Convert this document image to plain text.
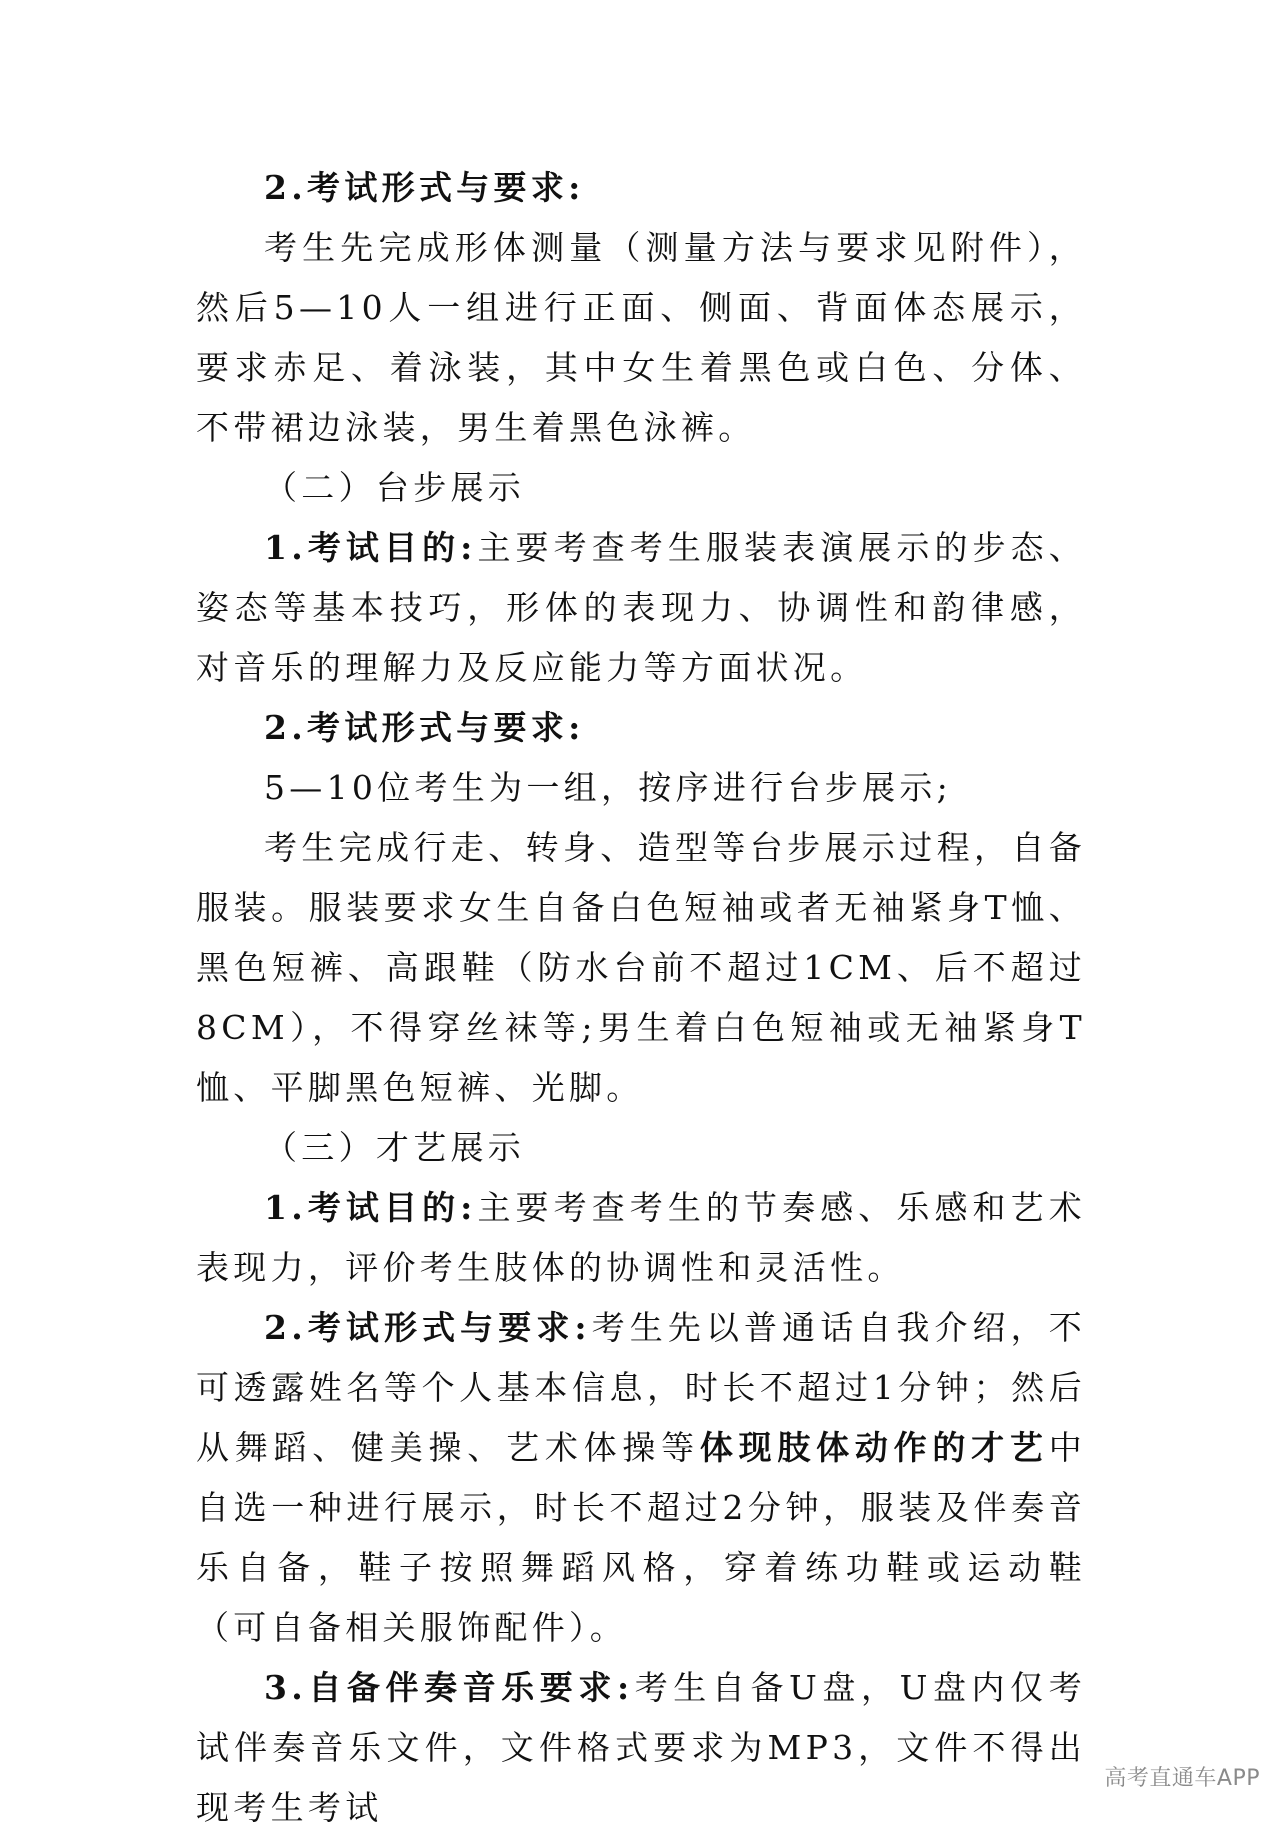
2.考试形式与要求:

考生先完成形体测量（测量方法与要求见附件），然后5—10人一组进行正面、侧面、背面体态展示，要求赤足、着泳装，其中女生着黑色或白色、分体、不带裙边泳装，男生着黑色泳裤。

（二）台步展示

1.考试目的:主要考查考生服装表演展示的步态、姿态等基本技巧，形体的表现力、协调性和韵律感，对音乐的理解力及反应能力等方面状况。

2.考试形式与要求:

5—10位考生为一组，按序进行台步展示;

考生完成行走、转身、造型等台步展示过程，自备服装。服装要求女生自备白色短袖或者无袖紧身T恤、黑色短裤、高跟鞋（防水台前不超过1CM、后不超过8CM），不得穿丝袜等;男生着白色短袖或无袖紧身T恤、平脚黑色短裤、光脚。

（三）才艺展示

1.考试目的:主要考查考生的节奏感、乐感和艺术表现力，评价考生肢体的协调性和灵活性。

2.考试形式与要求:考生先以普通话自我介绍，不可透露姓名等个人基本信息，时长不超过1分钟；然后从舞蹈、健美操、艺术体操等体现肢体动作的才艺中自选一种进行展示，时长不超过2分钟，服装及伴奏音乐自备，鞋子按照舞蹈风格，穿着练功鞋或运动鞋（可自备相关服饰配件）。

3.自备伴奏音乐要求:考生自备U盘，U盘内仅考试伴奏音乐文件，文件格式要求为MP3，文件不得出现考生考试

高考直通车APP
